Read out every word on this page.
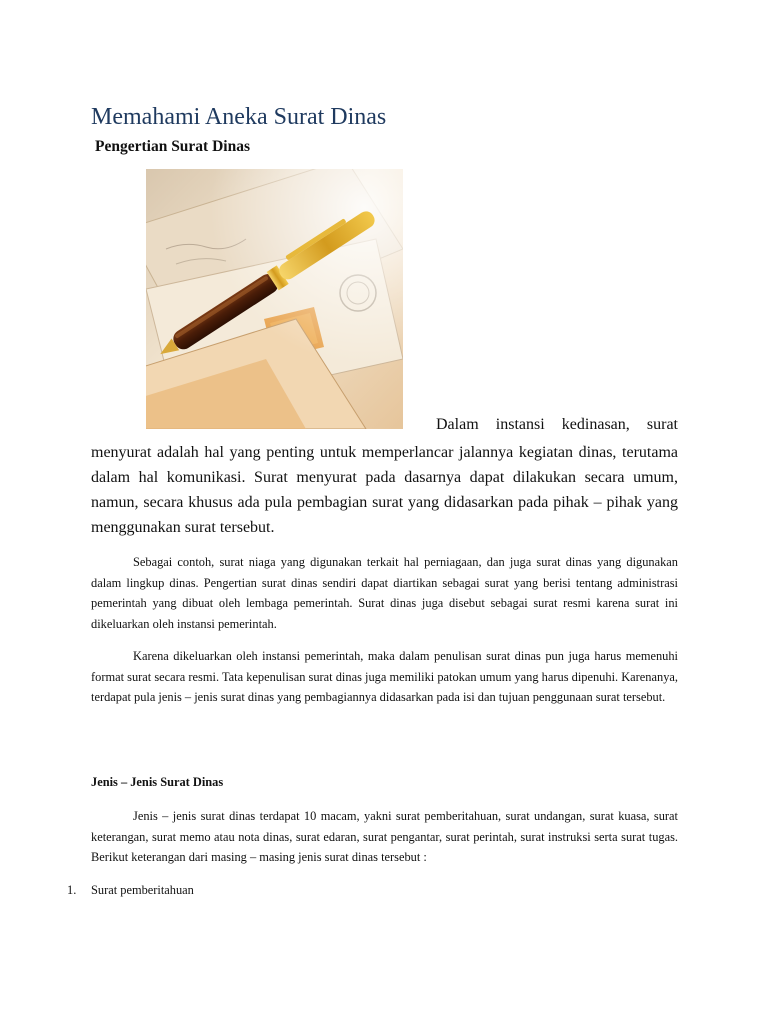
Memahami Aneka Surat Dinas
Pengertian Surat Dinas

Dalam instansi kedinasan, surat

menyurat adalah hal yang penting untuk memperlancar jalannya kegiatan dinas, terutama dalam hal komunikasi. Surat menyurat pada dasarnya dapat dilakukan secara umum, namun, secara khusus ada pula pembagian surat yang didasarkan pada pihak – pihak yang menggunakan surat tersebut.

Sebagai contoh, surat niaga yang digunakan terkait hal perniagaan, dan juga surat dinas yang digunakan dalam lingkup dinas. Pengertian surat dinas sendiri dapat diartikan sebagai surat yang berisi tentang administrasi pemerintah yang dibuat oleh lembaga pemerintah. Surat dinas juga disebut sebagai surat resmi karena surat ini dikeluarkan oleh instansi pemerintah.

Karena dikeluarkan oleh instansi pemerintah, maka dalam penulisan surat dinas pun juga harus memenuhi format surat secara resmi. Tata kepenulisan surat dinas juga memiliki patokan umum yang harus dipenuhi. Karenanya, terdapat pula jenis – jenis surat dinas yang pembagiannya didasarkan pada isi dan tujuan penggunaan surat tersebut.

Jenis – Jenis Surat Dinas

Jenis – jenis surat dinas terdapat 10 macam, yakni surat pemberitahuan, surat undangan, surat kuasa, surat keterangan, surat memo atau nota dinas, surat edaran, surat pengantar, surat perintah, surat instruksi serta surat tugas. Berikut keterangan dari masing – masing jenis surat dinas tersebut :

1. Surat pemberitahuan
